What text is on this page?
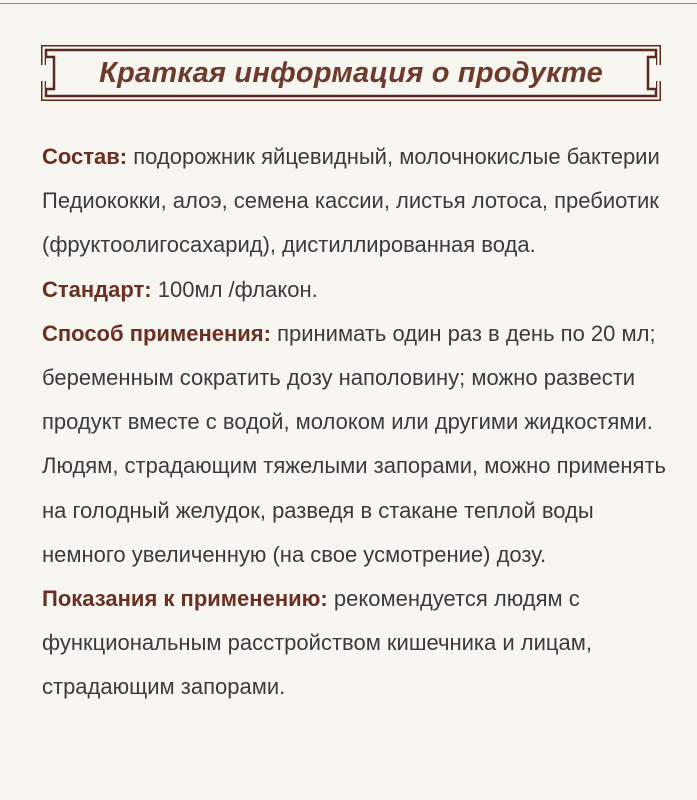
Краткая информация о продукте

Состав: подорожник яйцевидный, молочнокислые бактерии Педиококки, алоэ, семена кассии, листья лотоса, пребиотик (фруктоолигосахарид), дистиллированная вода.

Стандарт: 100мл /флакон.

Способ применения: принимать один раз в день по 20 мл; беременным сократить дозу наполовину; можно развести продукт вместе с водой, молоком или другими жидкостями. Людям, страдающим тяжелыми запорами, можно применять на голодный желудок, разведя в стакане теплой воды немного увеличенную (на свое усмотрение) дозу.

Показания к применению: рекомендуется людям с функциональным расстройством кишечника и лицам, страдающим запорами.
